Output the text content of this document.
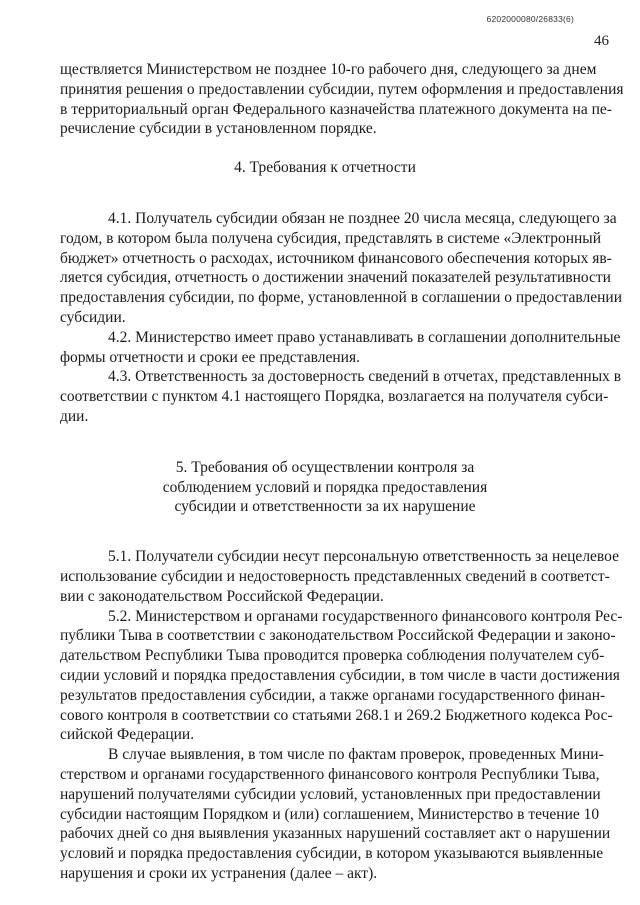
6202000080/26833(6)
46

ществляется Министерством не позднее 10-го рабочего дня, следующего за днем
принятия решения о предоставлении субсидии, путем оформления и предоставления
в территориальный орган Федерального казначейства платежного документа на пе-
речисление субсидии в установленном порядке.

4. Требования к отчетности

4.1. Получатель субсидии обязан не позднее 20 числа месяца, следующего за
годом, в котором была получена субсидия, представлять в системе «Электронный
бюджет» отчетность о расходах, источником финансового обеспечения которых яв-
ляется субсидия, отчетность о достижении значений показателей результативности
предоставления субсидии, по форме, установленной в соглашении о предоставлении
субсидии.

4.2. Министерство имеет право устанавливать в соглашении дополнительные
формы отчетности и сроки ее представления.

4.3. Ответственность за достоверность сведений в отчетах, представленных в
соответствии с пунктом 4.1 настоящего Порядка, возлагается на получателя субси-
дии.

5. Требования об осуществлении контроля за
соблюдением условий и порядка предоставления
субсидии и ответственности за их нарушение

5.1. Получатели субсидии несут персональную ответственность за нецелевое
использование субсидии и недостоверность представленных сведений в соответст-
вии с законодательством Российской Федерации.

5.2. Министерством и органами государственного финансового контроля Рес-
публики Тыва в соответствии с законодательством Российской Федерации и законо-
дательством Республики Тыва проводится проверка соблюдения получателем суб-
сидии условий и порядка предоставления субсидии, в том числе в части достижения
результатов предоставления субсидии, а также органами государственного финан-
сового контроля в соответствии со статьями 268.1 и 269.2 Бюджетного кодекса Рос-
сийской Федерации.

В случае выявления, в том числе по фактам проверок, проведенных Мини-
стерством и органами государственного финансового контроля Республики Тыва,
нарушений получателями субсидии условий, установленных при предоставлении
субсидии настоящим Порядком и (или) соглашением, Министерство в течение 10
рабочих дней со дня выявления указанных нарушений составляет акт о нарушении
условий и порядка предоставления субсидии, в котором указываются выявленные
нарушения и сроки их устранения (далее – акт).
